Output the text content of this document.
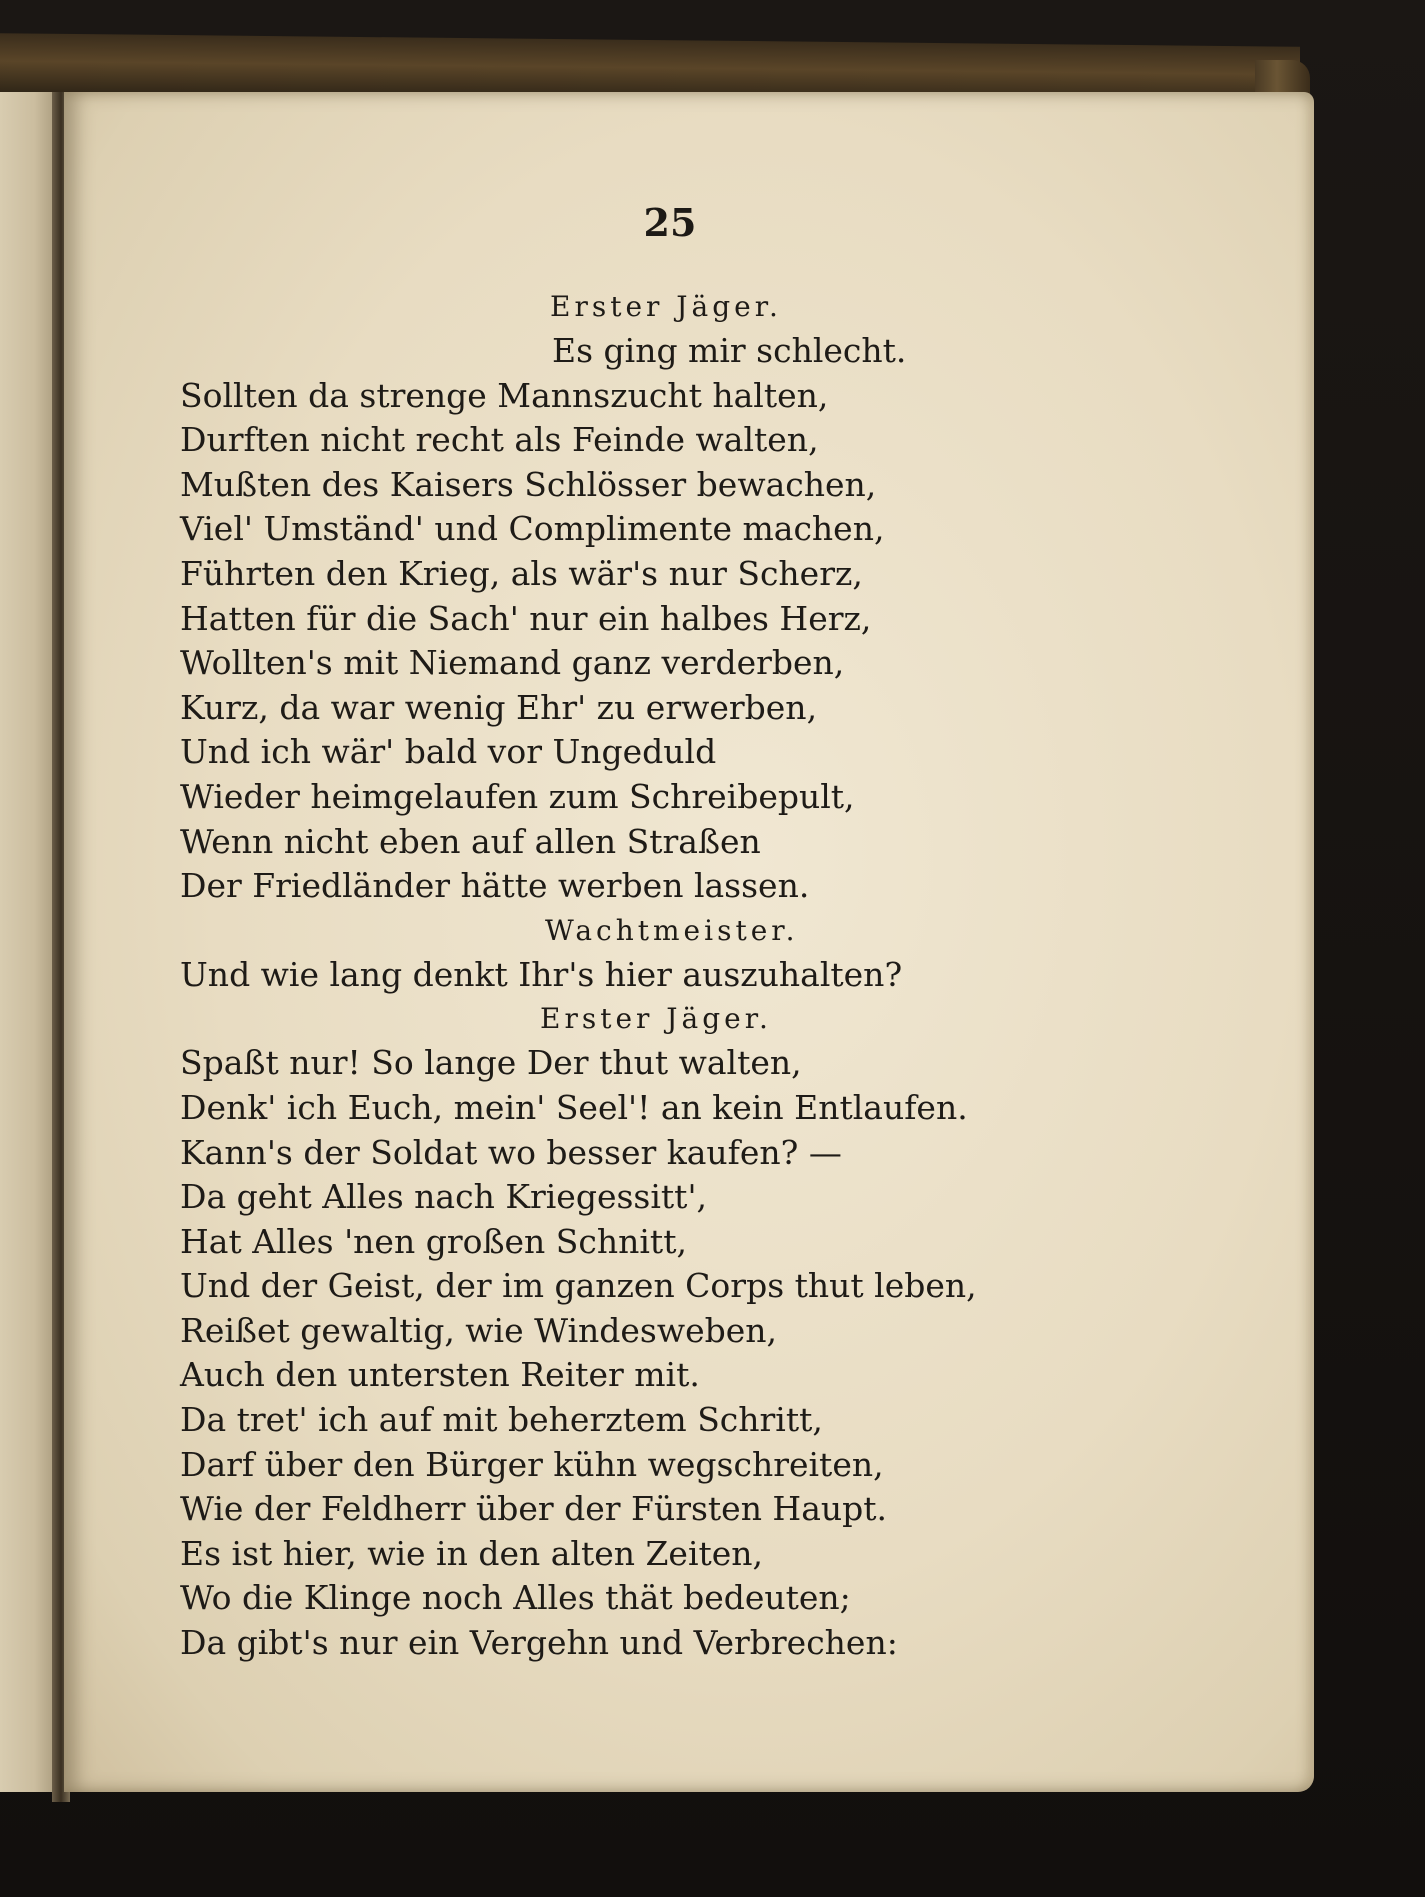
25
Erster Jäger.
Es ging mir schlecht.
Sollten da strenge Mannszucht halten,
Durften nicht recht als Feinde walten,
Mußten des Kaisers Schlösser bewachen,
Viel' Umständ' und Complimente machen,
Führten den Krieg, als wär's nur Scherz,
Hatten für die Sach' nur ein halbes Herz,
Wollten's mit Niemand ganz verderben,
Kurz, da war wenig Ehr' zu erwerben,
Und ich wär' bald vor Ungeduld
Wieder heimgelaufen zum Schreibepult,
Wenn nicht eben auf allen Straßen
Der Friedländer hätte werben lassen.
Wachtmeister.
Und wie lang denkt Ihr's hier auszuhalten?
Erster Jäger.
Spaßt nur! So lange Der thut walten,
Denk' ich Euch, mein' Seel'! an kein Entlaufen.
Kann's der Soldat wo besser kaufen? —
Da geht Alles nach Kriegessitt',
Hat Alles 'nen großen Schnitt,
Und der Geist, der im ganzen Corps thut leben,
Reißet gewaltig, wie Windesweben,
Auch den untersten Reiter mit.
Da tret' ich auf mit beherztem Schritt,
Darf über den Bürger kühn wegschreiten,
Wie der Feldherr über der Fürsten Haupt.
Es ist hier, wie in den alten Zeiten,
Wo die Klinge noch Alles thät bedeuten;
Da gibt's nur ein Vergehn und Verbrechen:
